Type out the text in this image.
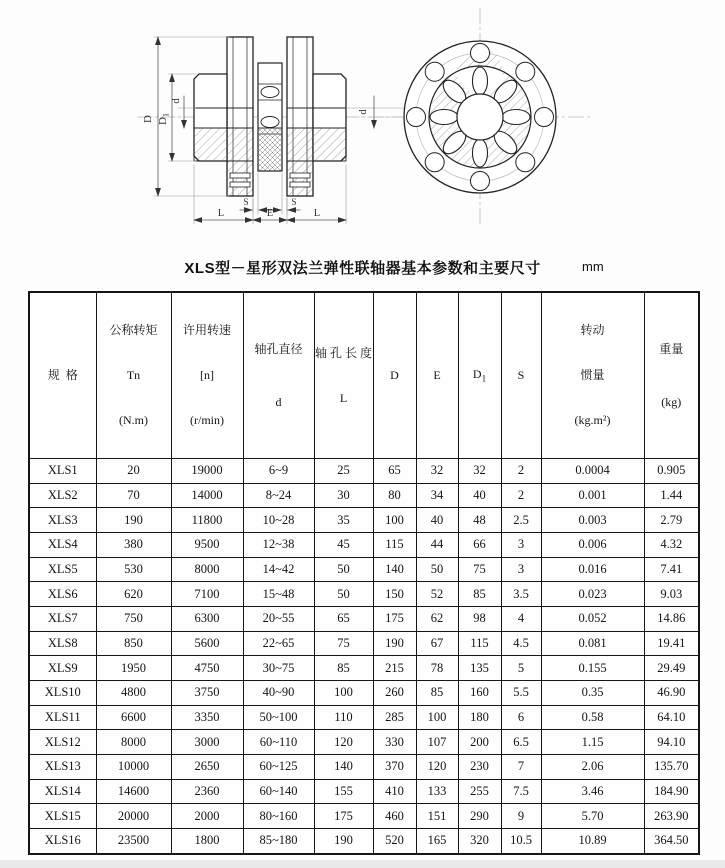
D $D_1$
d
d
S	S
L	E	L
XLS型－星形双法兰弹性联轴器基本参数和主要尺寸	mm

规  格

公称转矩

Tn

(N.m)

许用转速

[n]

(r/min)

轴孔直径

d

轴 孔 长 度

L

D	E	$D_1$	S

转动

惯量

(kg.m²)

重量

(kg)

XLS1	20	19000	6~9	25	65	32	32	2	0.0004	0.905
XLS2	70	14000	8~24	30	80	34	40	2	0.001	1.44
XLS3	190	11800	10~28	35	100	40	48	2.5	0.003	2.79
XLS4	380	9500	12~38	45	115	44	66	3	0.006	4.32
XLS5	530	8000	14~42	50	140	50	75	3	0.016	7.41
XLS6	620	7100	15~48	50	150	52	85	3.5	0.023	9.03
XLS7	750	6300	20~55	65	175	62	98	4	0.052	14.86
XLS8	850	5600	22~65	75	190	67	115	4.5	0.081	19.41
XLS9	1950	4750	30~75	85	215	78	135	5	0.155	29.49
XLS10	4800	3750	40~90	100	260	85	160	5.5	0.35	46.90
XLS11	6600	3350	50~100	110	285	100	180	6	0.58	64.10
XLS12	8000	3000	60~110	120	330	107	200	6.5	1.15	94.10
XLS13	10000	2650	60~125	140	370	120	230	7	2.06	135.70
XLS14	14600	2360	60~140	155	410	133	255	7.5	3.46	184.90
XLS15	20000	2000	80~160	175	460	151	290	9	5.70	263.90
XLS16	23500	1800	85~180	190	520	165	320	10.5	10.89	364.50
